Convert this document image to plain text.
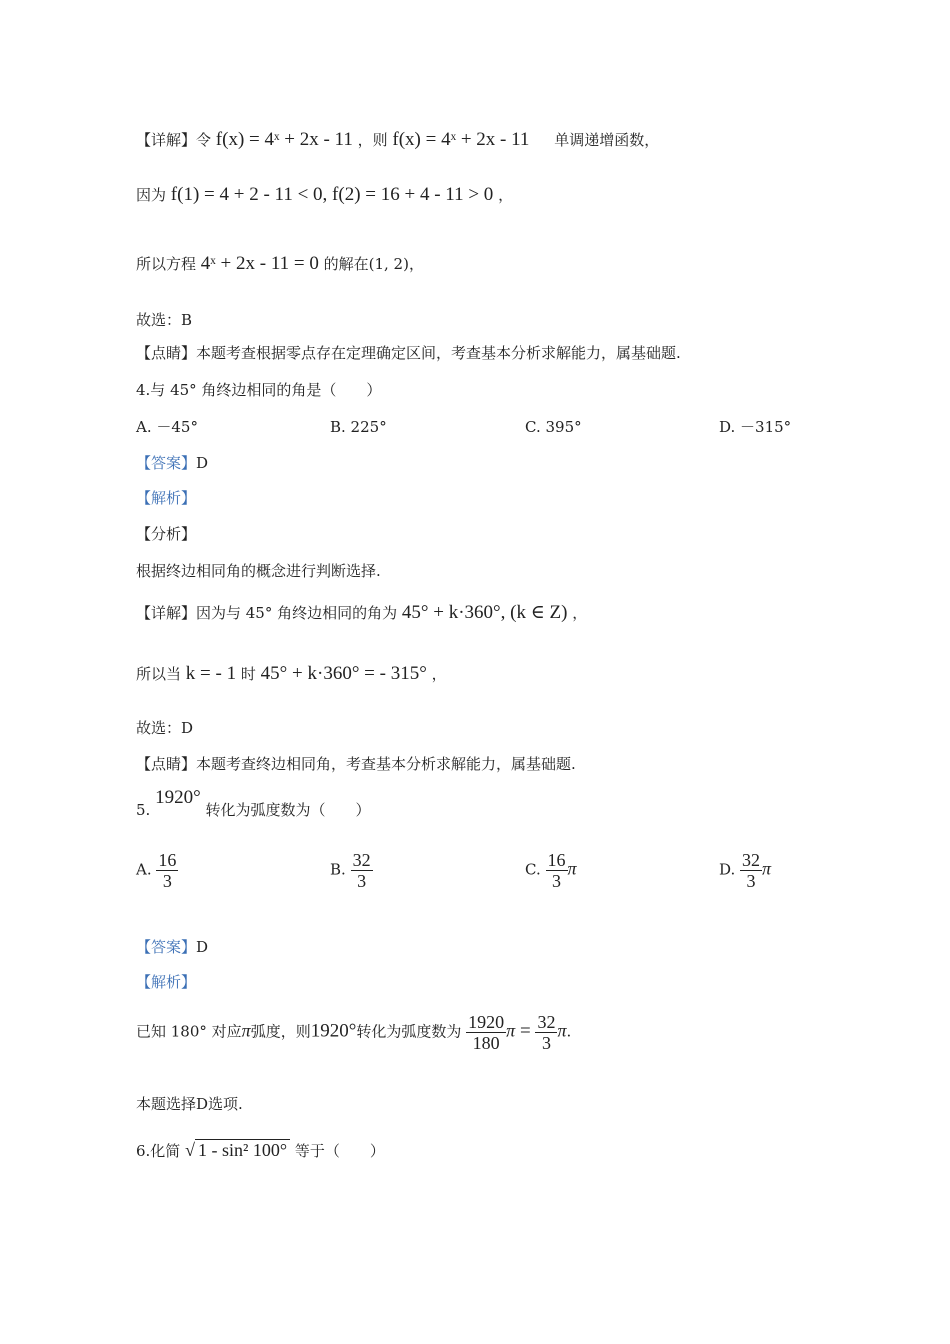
【详解】令 f(x) = 4ˣ + 2x - 11 ，则 f(x) = 4ˣ + 2x - 11 单调递增函数，
因为 f(1) = 4 + 2 - 11 < 0, f(2) = 16 + 4 - 11 > 0 ，
所以方程 4ˣ + 2x - 11 = 0 的解在(1, 2)，
故选：B
【点睛】本题考查根据零点存在定理确定区间，考查基本分析求解能力，属基础题.
4.与 45° 角终边相同的角是（　　）
A. －45°	B. 225°	C. 395°	D. －315°
【答案】D
【解析】
【分析】
根据终边相同角的概念进行判断选择.
【详解】因为与 45° 角终边相同的角为 45° + k·360°, (k ∈ Z) ，
所以当 k = - 1 时 45° + k·360° = - 315° ，
故选：D
【点睛】本题考查终边相同角，考查基本分析求解能力，属基础题.
5. 1920° 转化为弧度数为（　　）
A. $\frac{16}{3}$	B. $\frac{32}{3}$	C. $\frac{16}{3}$ π	D. $\frac{32}{3}$ π
【答案】D
【解析】
已知 180° 对应π弧度，则1920°转化为弧度数为 $\frac{1920}{180}$ $\pi = \frac{32}{3} \pi$.
本题选择D选项.
6.化简 √ 1 - sin² 100° 等于（　　）
